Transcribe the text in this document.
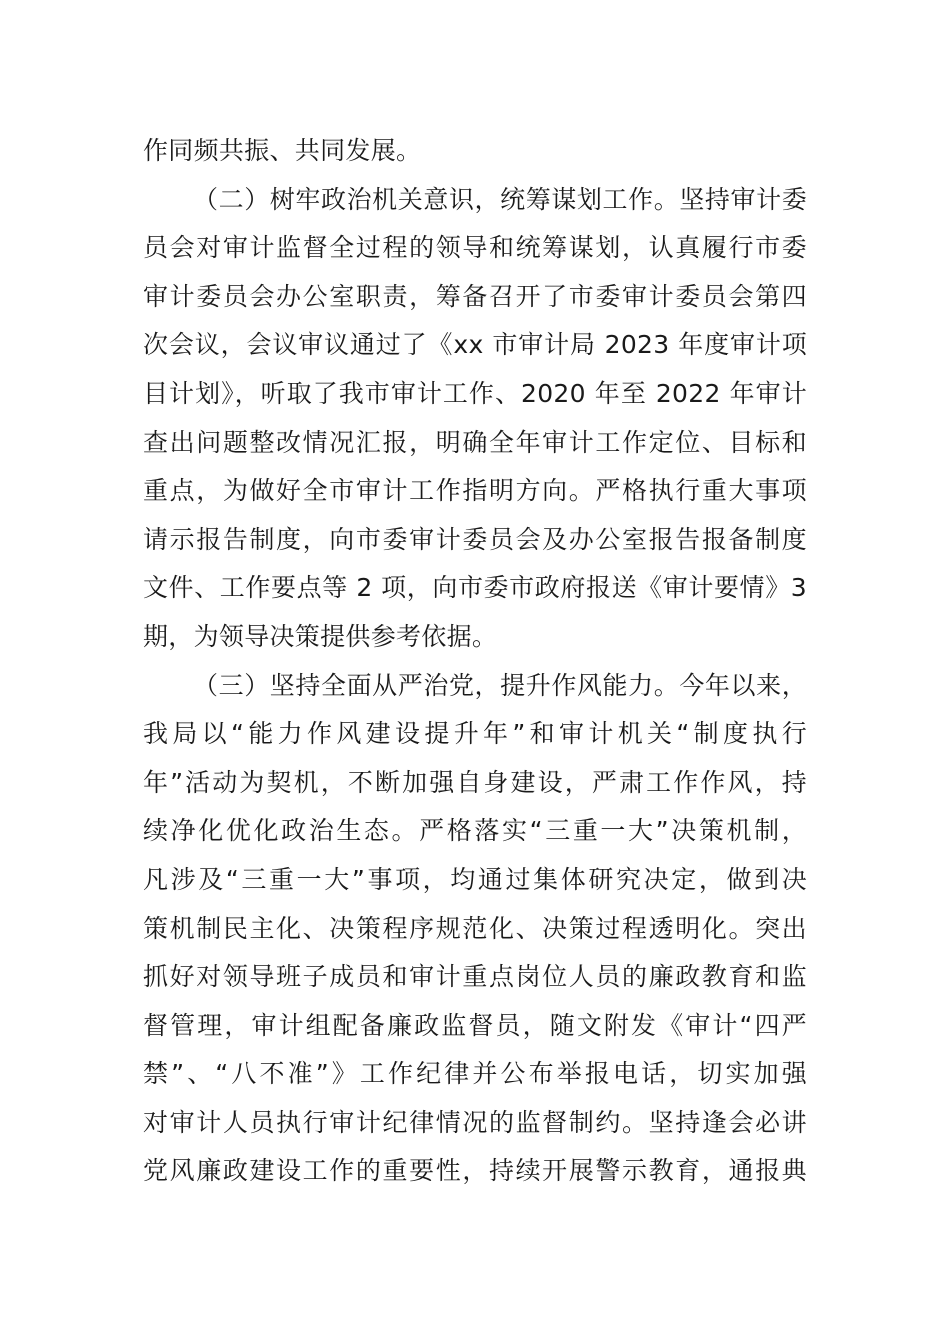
作同频共振、共同发展。
（二）树牢政治机关意识，统筹谋划工作。坚持审计委
员会对审计监督全过程的领导和统筹谋划，认真履行市委
审计委员会办公室职责，筹备召开了市委审计委员会第四
次会议，会议审议通过了《xx 市审计局 2023 年度审计项
目计划》，听取了我市审计工作、2020 年至 2022 年审计
查出问题整改情况汇报，明确全年审计工作定位、目标和
重点，为做好全市审计工作指明方向。严格执行重大事项
请示报告制度，向市委审计委员会及办公室报告报备制度
文件、工作要点等 2 项，向市委市政府报送《审计要情》3
期，为领导决策提供参考依据。
（三）坚持全面从严治党，提升作风能力。今年以来，
我局以“能力作风建设提升年”和审计机关“制度执行
年”活动为契机，不断加强自身建设，严肃工作作风，持
续净化优化政治生态。严格落实“三重一大”决策机制，
凡涉及“三重一大”事项，均通过集体研究决定，做到决
策机制民主化、决策程序规范化、决策过程透明化。突出
抓好对领导班子成员和审计重点岗位人员的廉政教育和监
督管理，审计组配备廉政监督员，随文附发《审计“四严
禁”、“八不准”》工作纪律并公布举报电话，切实加强
对审计人员执行审计纪律情况的监督制约。坚持逢会必讲
党风廉政建设工作的重要性，持续开展警示教育，通报典
